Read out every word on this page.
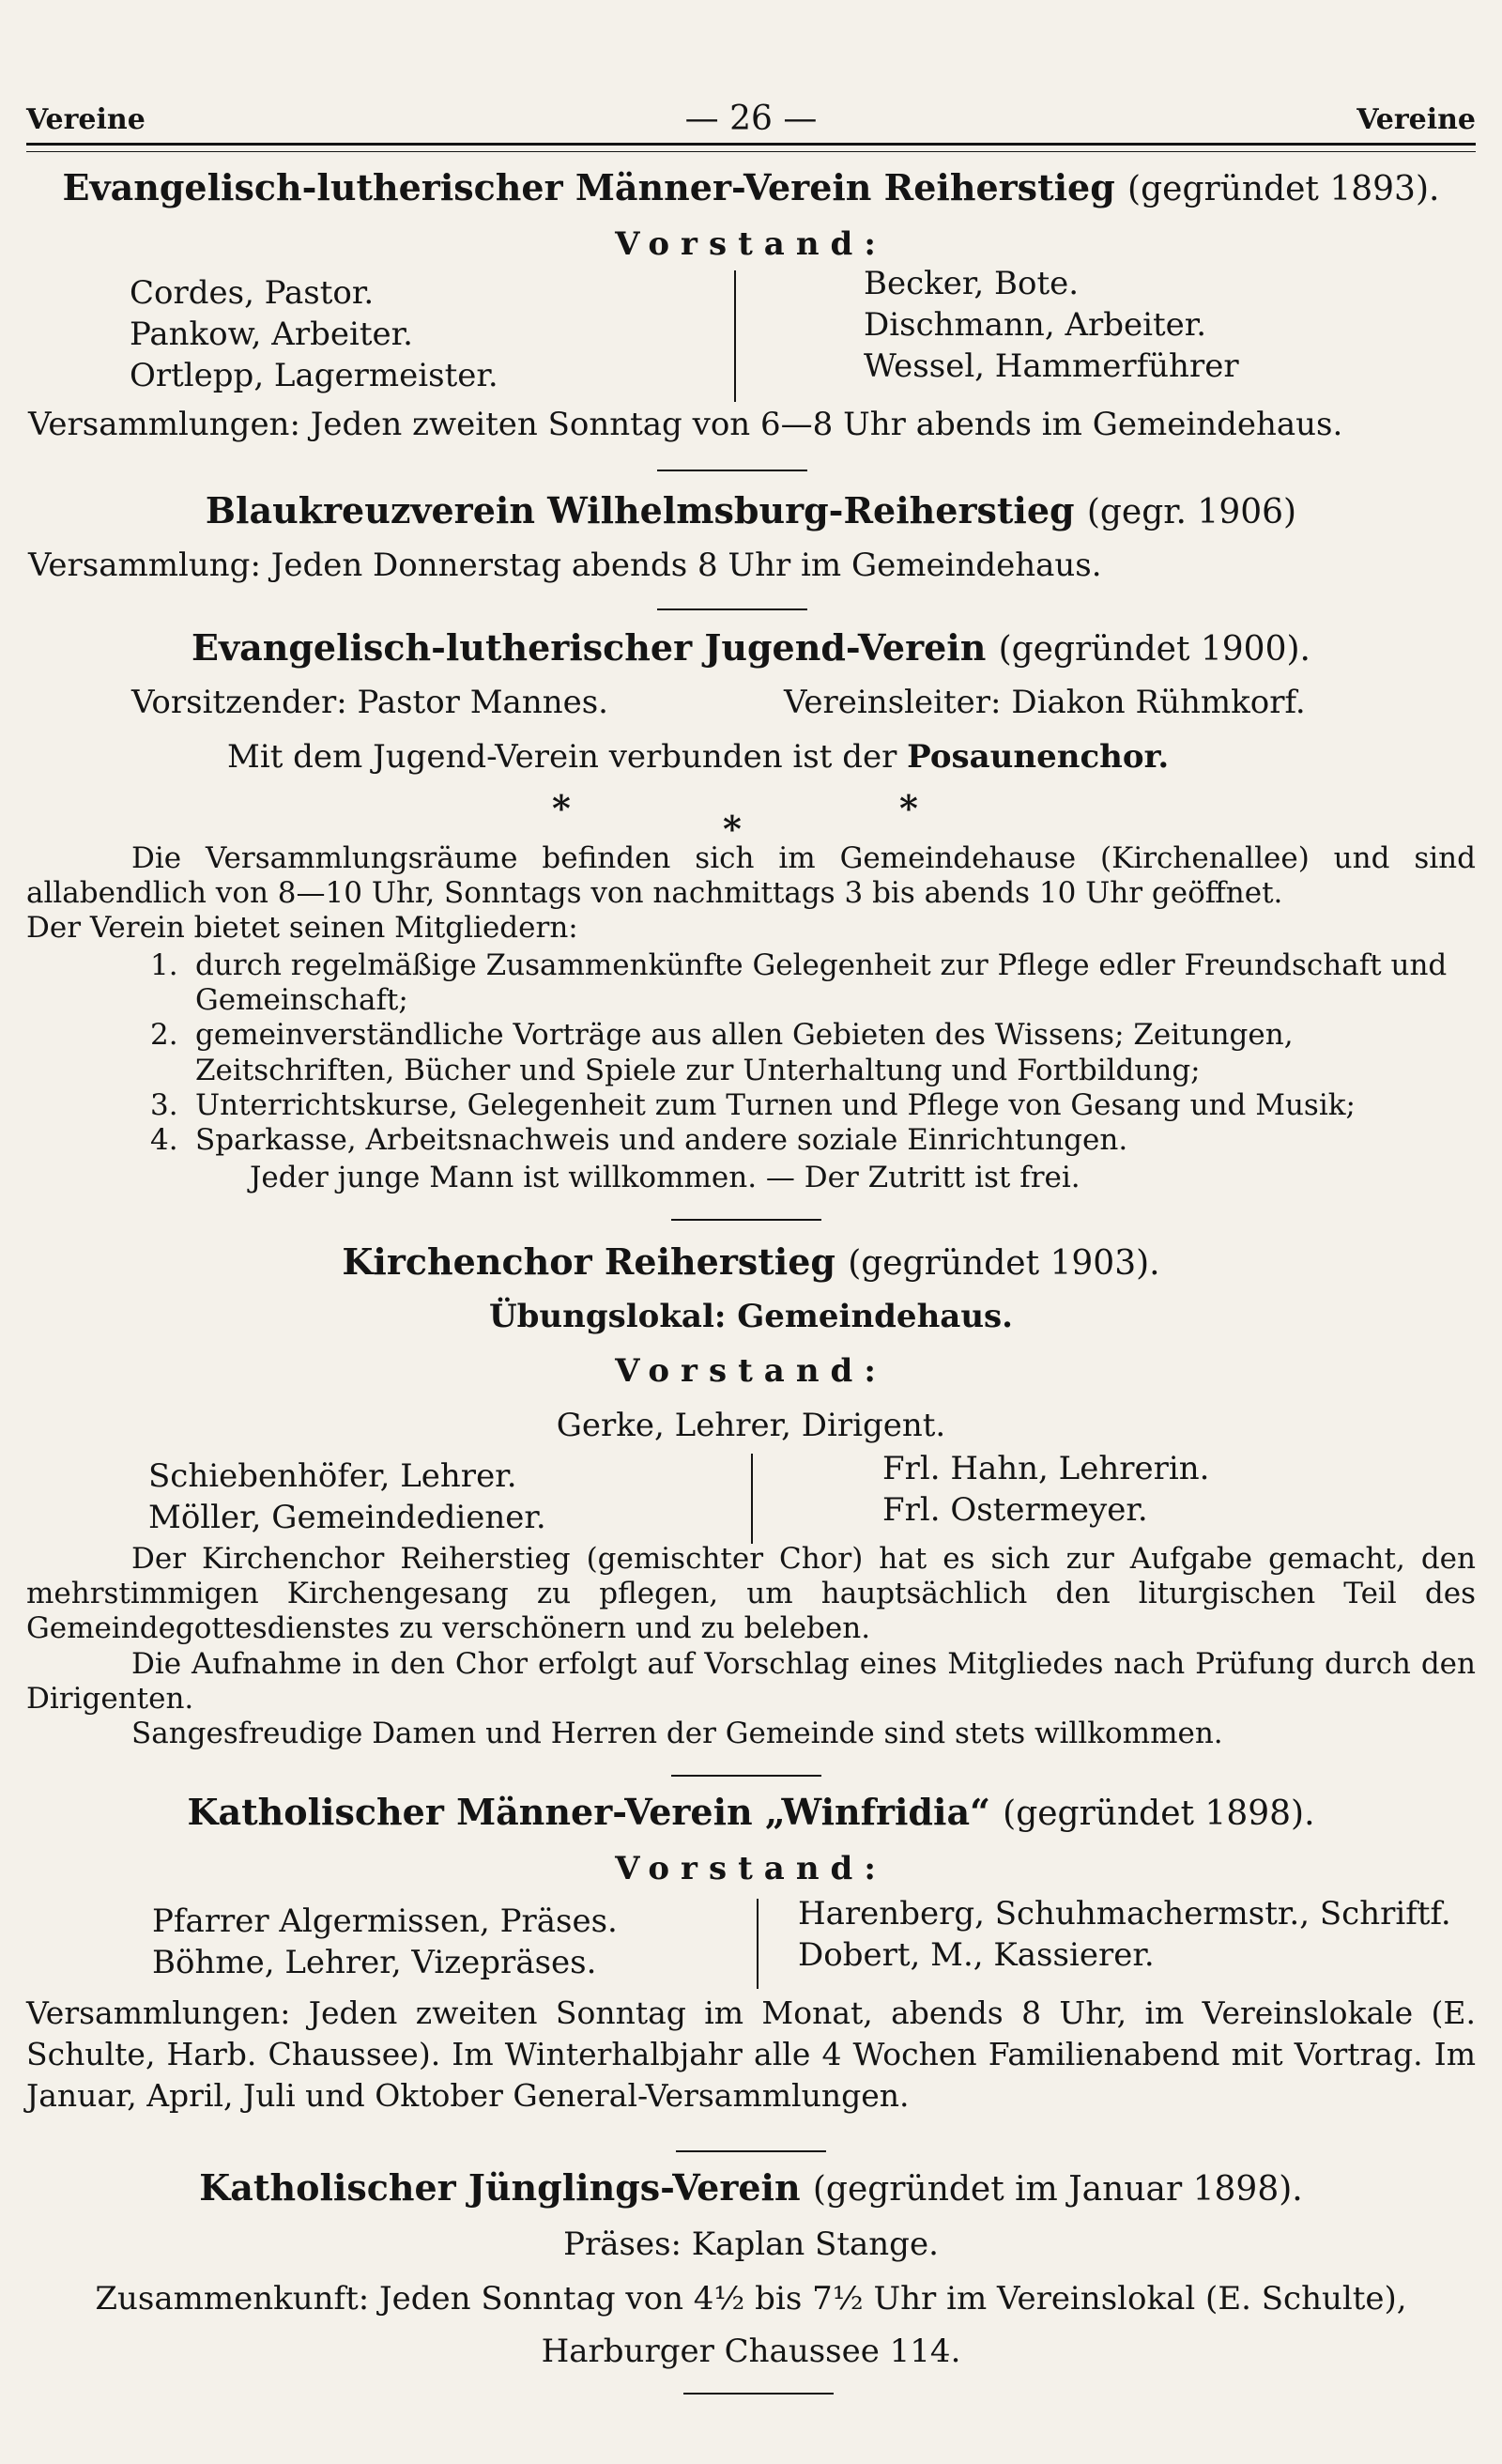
Vereine	— 26 —	Vereine
Evangelisch-lutherischer Männer-Verein Reiherstieg (gegründet 1893).
Vorstand:
Cordes, Pastor.
Pankow, Arbeiter.
Ortlepp, Lagermeister.
Becker, Bote.
Dischmann, Arbeiter.
Wessel, Hammerführer
Versammlungen: Jeden zweiten Sonntag von 6—8 Uhr abends im Gemeindehaus.
Blaukreuzverein Wilhelmsburg-Reiherstieg (gegr. 1906)
Versammlung: Jeden Donnerstag abends 8 Uhr im Gemeindehaus.
Evangelisch-lutherischer Jugend-Verein (gegründet 1900).
Vorsitzender: Pastor Mannes.	Vereinsleiter: Diakon Rühmkorf.
Mit dem Jugend-Verein verbunden ist der Posaunenchor.
*	*	*

Die Versammlungsräume befinden sich im Gemeindehause (Kirchenallee) und sind allabendlich von 8—10 Uhr, Sonntags von nachmittags 3 bis abends 10 Uhr geöffnet.

Der Verein bietet seinen Mitgliedern:

1. durch regelmäßige Zusammenkünfte Gelegenheit zur Pflege edler Freundschaft und Gemeinschaft;
2. gemeinverständliche Vorträge aus allen Gebieten des Wissens; Zeitungen, Zeitschriften, Bücher und Spiele zur Unterhaltung und Fortbildung;
3. Unterrichtskurse, Gelegenheit zum Turnen und Pflege von Gesang und Musik;
4. Sparkasse, Arbeitsnachweis und andere soziale Einrichtungen.
Jeder junge Mann ist willkommen. — Der Zutritt ist frei.
Kirchenchor Reiherstieg (gegründet 1903).
Übungslokal: Gemeindehaus.
Vorstand:
Gerke, Lehrer, Dirigent.
Schiebenhöfer, Lehrer.
Möller, Gemeindediener.
Frl. Hahn, Lehrerin.
Frl. Ostermeyer.

Der Kirchenchor Reiherstieg (gemischter Chor) hat es sich zur Aufgabe gemacht, den mehrstimmigen Kirchengesang zu pflegen, um hauptsächlich den liturgischen Teil des Gemeindegottesdienstes zu verschönern und zu beleben.

Die Aufnahme in den Chor erfolgt auf Vorschlag eines Mitgliedes nach Prüfung durch den Dirigenten.

Sangesfreudige Damen und Herren der Gemeinde sind stets willkommen.

Katholischer Männer-Verein „Winfridia“ (gegründet 1898).
Vorstand:
Pfarrer Algermissen, Präses.
Böhme, Lehrer, Vizepräses.
Harenberg, Schuhmachermstr., Schriftf.
Dobert, M., Kassierer.

Versammlungen: Jeden zweiten Sonntag im Monat, abends 8 Uhr, im Vereinslokale (E. Schulte, Harb. Chaussee). Im Winterhalbjahr alle 4 Wochen Familienabend mit Vortrag. Im Januar, April, Juli und Oktober General-Versammlungen.

Katholischer Jünglings-Verein (gegründet im Januar 1898).
Präses: Kaplan Stange.
Zusammenkunft: Jeden Sonntag von 4½ bis 7½ Uhr im Vereinslokal (E. Schulte),
Harburger Chaussee 114.
